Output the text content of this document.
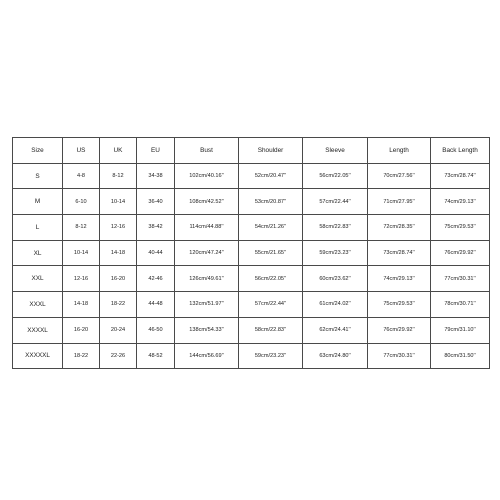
Size	US	UK	EU	Bust	Shoulder	Sleeve	Length	Back Length
S	4-8	8-12	34-38	102cm/40.16''	52cm/20.47''	56cm/22.05''	70cm/27.56''	73cm/28.74''
M	6-10	10-14	36-40	108cm/42.52''	53cm/20.87''	57cm/22.44''	71cm/27.95''	74cm/29.13''
L	8-12	12-16	38-42	114cm/44.88''	54cm/21.26''	58cm/22.83''	72cm/28.35''	75cm/29.53''
XL	10-14	14-18	40-44	120cm/47.24''	55cm/21.65''	59cm/23.23''	73cm/28.74''	76cm/29.92''
XXL	12-16	16-20	42-46	126cm/49.61''	56cm/22.05''	60cm/23.62''	74cm/29.13''	77cm/30.31''
XXXL	14-18	18-22	44-48	132cm/51.97''	57cm/22.44''	61cm/24.02''	75cm/29.53''	78cm/30.71''
XXXXL	16-20	20-24	46-50	138cm/54.33''	58cm/22.83''	62cm/24.41''	76cm/29.92''	79cm/31.10''
XXXXXL	18-22	22-26	48-52	144cm/56.69''	59cm/23.23''	63cm/24.80''	77cm/30.31''	80cm/31.50''
